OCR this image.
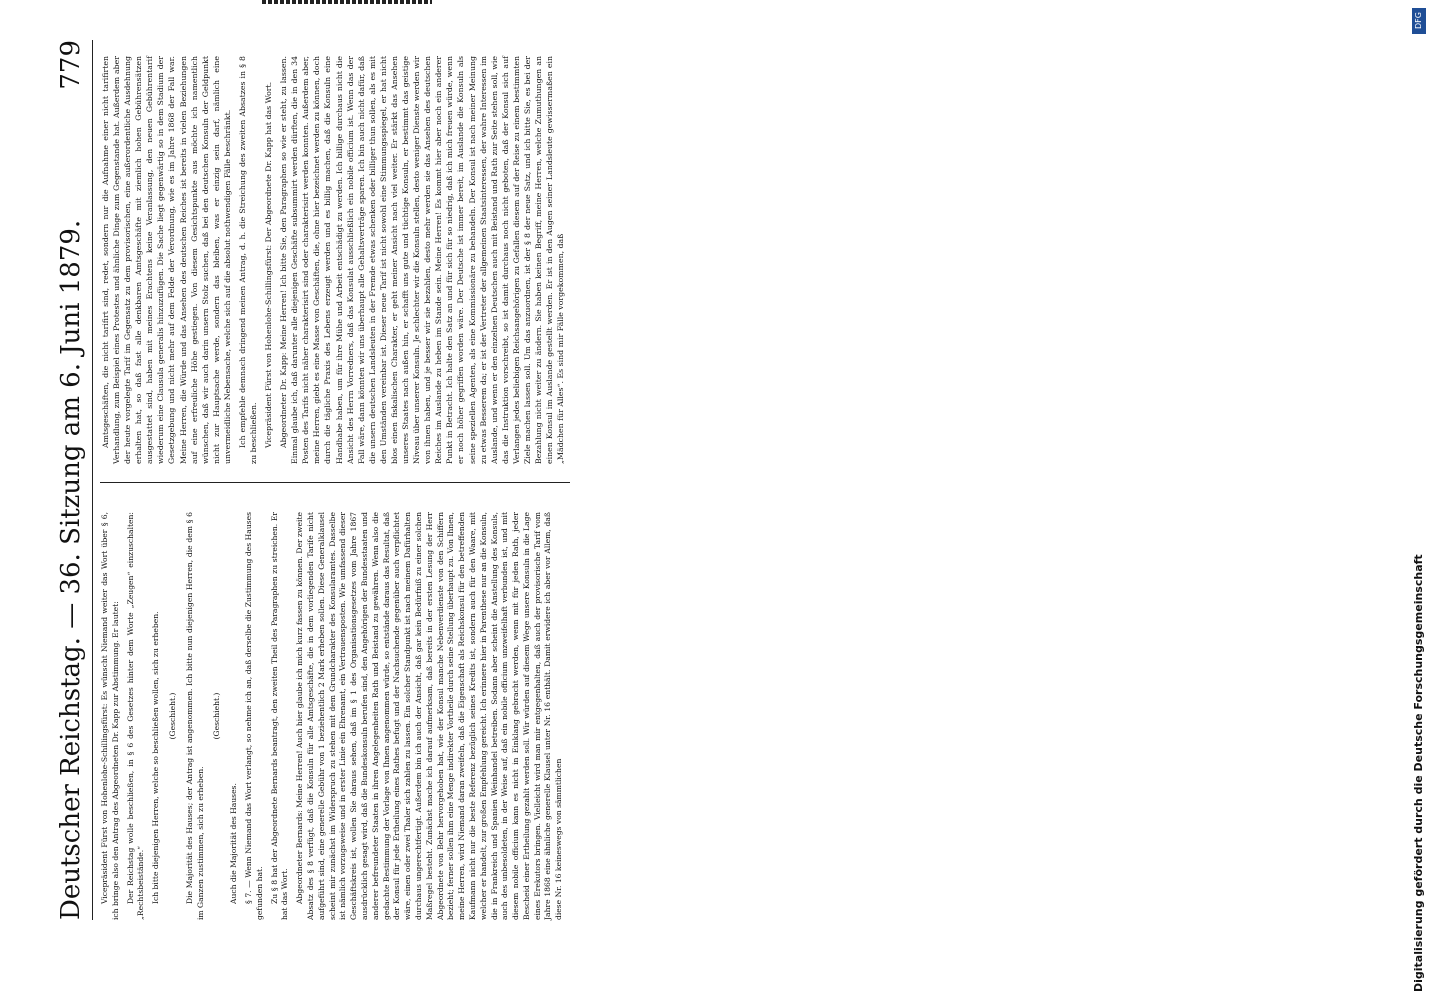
Deutscher Reichstag. — 36. Sitzung am 6. Juni 1879.
779

Vicepräsident Fürst von Hohenlohe-Schillingsfürst: Es wünscht Niemand weiter das Wort über § 6, ich bringe also den Antrag des Abgeordneten Dr. Kapp zur Abstimmung. Er lautet: Der Reichstag wolle beschließen, in § 6 des Gesetzes hinter dem Worte „Zeugen“ einzuschalten: „Rechtsbeistände.“ Ich bitte diejenigen Herren, welche so beschließen wollen, sich zu erheben. (Geschieht.) Die Majorität des Hauses; der Antrag ist angenommen. Ich bitte nun diejenigen Herren, die dem § 6 im Ganzen zustimmen, sich zu erheben.

(Geschieht.)

Auch die Majorität des Hauses. § 7. — Wenn Niemand das Wort verlangt, so nehme ich an, daß derselbe die Zustimmung des Hauses gefunden hat. Zu § 8 hat der Abgeordnete Bernards beantragt, den zweiten Theil des Paragraphen zu streichen. Er hat das Wort. Abgeordneter Bernards: Meine Herren! Auch hier glaube ich mich kurz fassen zu können. Der zweite Absatz des § 8 verfügt, daß die Konsuln für alle Amtsgeschäfte, die in dem vorliegenden Tarife nicht aufgeführt sind, eine generelle Gebühr von 1 beziehentlich 2 Mark erheben sollen. Diese Generalklausel scheint mir zunächst im Widerspruch zu stehen mit dem Grundcharakter des Konsularamtes. Dasselbe ist nämlich vorzugsweise und in erster Linie ein Ehrenamt, ein Vertrauensposten. Wie umfassend dieser Geschäftskreis ist, wollen Sie daraus sehen, daß im § 1 des Organisationsgesetzes vom Jahre 1867 ausdrücklich gesagt wird, daß die Bundeskonsuln berufen sind, den Angehörigen der Bundesstaaten und anderer befreundeter Staaten in ihren Angelegenheiten Rath und Beistand zu gewähren. Wenn also die gedachte Bestimmung der Vorlage von Ihnen angenommen würde, so entstände daraus das Resultat, daß der Konsul für jede Ertheilung eines Rathes befugt und der Nachsuchende gegenüber auch verpflichtet wäre, einen oder zwei Thaler sich zahlen zu lassen. Ein solcher Standpunkt ist nach meinem Dafürhalten durchaus ungerechtfertigt. Außerdem bin ich auch der Ansicht, daß gar kein Bedürfniß zu einer solchen Maßregel besteht. Zunächst mache ich darauf aufmerksam, daß bereits in der ersten Lesung der Herr Abgeordnete von Behr hervorgehoben hat, wie der Konsul manche Nebenverdienste von den Schiffern bezieht; ferner sollen ihm eine Menge indirekter Vortheile durch seine Stellung überhaupt zu. Von Ihnen, meine Herren, wird Niemand daran zweifeln, daß die Eigenschaft als Reichskonsul für den betreffenden Kaufmann nicht nur die beste Referenz bezüglich seines Kredits ist, sondern auch für den Waare, mit welcher er handelt, zur großen Empfehlung gereicht. Ich erinnere hier in Parenthese nur an die Konsuln, die in Frankreich und Spanien Weinhandel betreiben. Sodann aber scheint die Anstellung des Konsuls, auch des unbesoldeten, in der Weise auf, daß ein nobile officium unzweifelhaft verbunden ist, und mit diesem nobile officium kann es nicht in Einklang gebracht werden, wenn mit für jeden Rath, jeder Bescheid einer Ertheilung gezahlt werden soll. Wir würden auf diesem Wege unsere Konsuln in die Lage eines Erekutors bringen. Vielleicht wird man mir entgegenhalten, daß auch der provisorische Tarif vom Jahre 1868 eine ähnliche generelle Klausel unter Nr. 16 enthält. Damit erwidere ich aber vor Allem, daß diese Nr. 16 keineswegs von sämmtlichen

Amtsgeschäften, die nicht tarifirt sind, redet, sondern nur die Aufnahme einer nicht tarifirten Verhandlung, zum Beispiel eines Protestes und ähnliche Dinge zum Gegenstande hat. Außerdem aber der heute vorgelegte Tarif im Gegensatz zu dem provisorischen, eine außerordentliche Ausdehnung erhalten hat, so daß fast alle denkbaren Amtsgeschäfte mit ziemlich hohen Gebührensätzen ausgestattet sind, haben mit meines Erachtens keine Veranlassung, den neuen Gebührentarif wiederum eine Clausula generalis hinzuzufügen. Die Sache liegt gegenwärtig so in dem Stadium der Gesetzgebung und nicht mehr auf dem Felde der Verordnung, wie es im Jahre 1868 der Fall war. Meine Herren, die Würde und das Ansehen des deutschen Reiches ist bereits in vielen Beziehungen auf eine erfreuliche Höhe gestiegen. Von diesem Gesichtspunkte aus möchte ich namentlich wünschen, daß wir auch darin unsern Stolz suchen, daß bei den deutschen Konsuln der Geldpunkt nicht zur Hauptsache werde, sondern das bleiben, was er einzig sein darf, nämlich eine unvermeidliche Nebensache, welche sich auf die absolut nothwendigen Fälle beschränkt. Ich empfehle demnach dringend meinen Antrag, d. h. die Streichung des zweiten Absatzes in § 8 zu beschließen. Vicepräsident Fürst von Hohenlohe-Schillingsfürst: Der Abgeordnete Dr. Kapp hat das Wort. Abgeordneter Dr. Kapp: Meine Herren! Ich bitte Sie, den Paragraphen so wie er steht, zu lassen. Einmal glaube ich, daß darunter alle diejenigen Geschäfte subsummirt werden dürften, die in den 34 Posten des Tarifs nicht näher charakterisirt sind oder charakterisirt werden konnten. Außerdem aber, meine Herren, giebt es eine Masse von Geschäften, die, ohne hier bezeichnet werden zu können, doch durch die tägliche Praxis des Lebens erzeugt werden und es billig machen, daß die Konsuln eine Handhabe haben, um für ihre Mühe und Arbeit entschädigt zu werden. Ich billige durchaus nicht die Ansicht des Herrn Vorredners, daß das Konsulat ausschließlich ein nobile officium ist. Wenn das der Fall wäre, dann könnten wir uns überhaupt alle Gehaltsverträge sparen. Ich bin auch nicht dafür, daß die unsern deutschen Landsleuten in der Fremde etwas schenken oder billiger thun sollen, als es mit den Umständen vereinbar ist. Dieser neue Tarif ist nicht sowohl eine Stimmungsspiegel, er hat nicht blos einen fiskalischen Charakter, er geht meiner Ansicht nach viel weiter. Er stärkt das Ansehen unseres Staates nach außen hin, er schafft uns gute und tüchtige Konsuln, er bestimmt das geistige Niveau über unserer Konsuln. Je schlechter wir die Konsuln stellen, desto weniger Dienste werden wir von ihnen haben, und je besser wir sie bezahlen, desto mehr werden sie das Ansehen des deutschen Reiches im Auslande zu heben im Stande sein. Meine Herren! Es kommt hier aber noch ein anderer Punkt in Betracht. Ich halte den Satz an und für sich für so niedrig, daß ich mich freuen würde, wenn er noch höher gegriffen worden wäre. Der Deutsche ist immer bereit, im Auslande die Konsuln als seine speziellen Agenten, als eine Kommissionäre zu behandeln. Der Konsul ist nach meiner Meinung zu etwas Besserem da; er ist der Vertreter der allgemeinen Staatsinteressen, der wahre Interessen im Auslande, und wenn er den einzelnen Deutschen auch mit Beistand und Rath zur Seite stehen soll, wie das die Instruktion vorschreibt, so ist damit durchaus noch nicht geboten, daß der Konsul sich auf Verlangen jedes beliebigen Reichsangehörigen zu Gefallen diesem auf der Reise zu einem bestimmten Ziele machen lassen soll. Um das anzuordnen, ist der § 8 der neue Satz, und ich bitte Sie, es bei der Bezahlung nicht weiter zu ändern. Sie haben keinen Begriff, meine Herren, welche Zumuthungen an einen Konsul im Auslande gestellt werden. Er ist in den Augen seiner Landsleute gewissermaßen ein „Mädchen für Alles“. Es sind mir Fälle vorgekommen, daß

DFG
Digitalisierung gefördert durch die Deutsche Forschungsgemeinschaft
